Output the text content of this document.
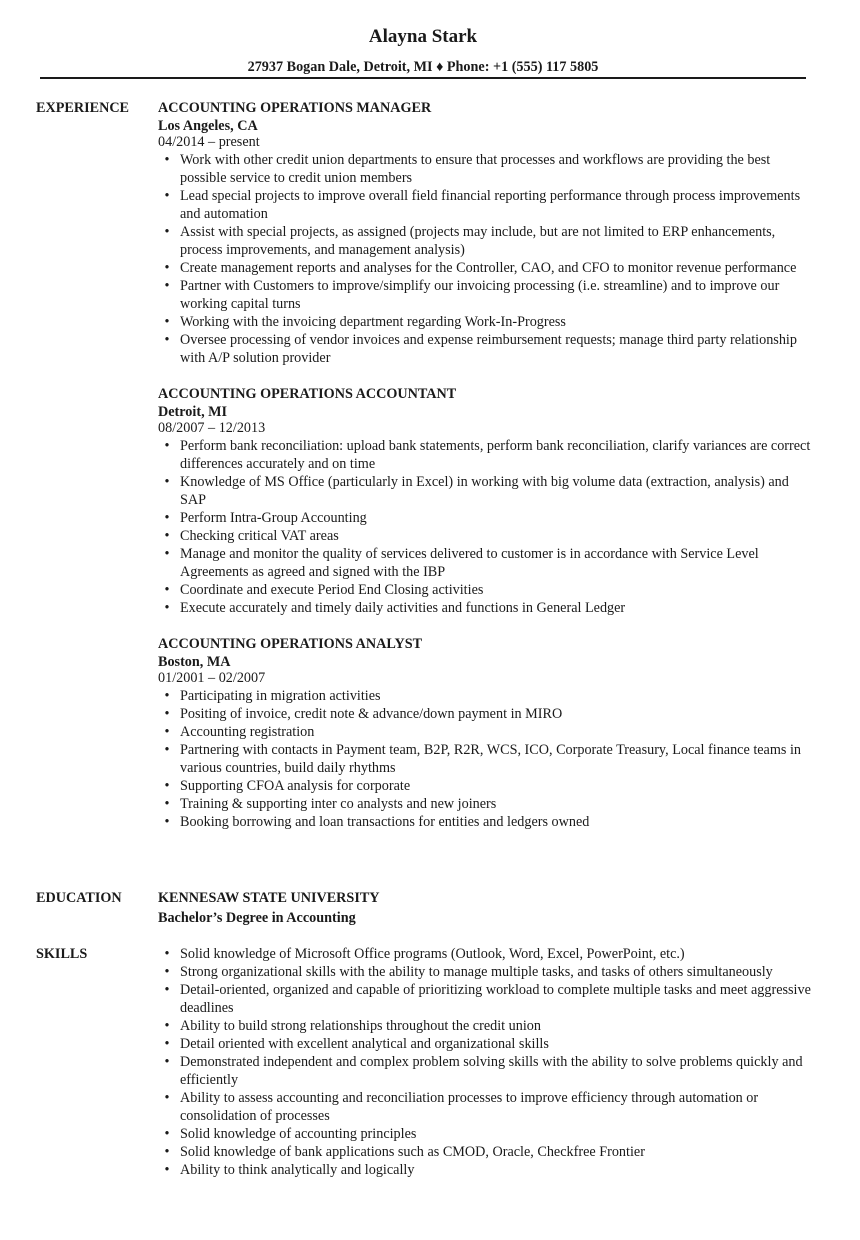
Alayna Stark
27937 Bogan Dale, Detroit, MI ♦ Phone: +1 (555) 117 5805
EXPERIENCE ACCOUNTING OPERATIONS MANAGER
Los Angeles, CA
04/2014 – present
• Work with other credit union departments to ensure that processes and workflows are providing the best possible service to credit union members
• Lead special projects to improve overall field financial reporting performance through process improvements and automation
• Assist with special projects, as assigned (projects may include, but are not limited to ERP enhancements, process improvements, and management analysis)
• Create management reports and analyses for the Controller, CAO, and CFO to monitor revenue performance
• Partner with Customers to improve/simplify our invoicing processing (i.e. streamline) and to improve our working capital turns
• Working with the invoicing department regarding Work-In-Progress
• Oversee processing of vendor invoices and expense reimbursement requests; manage third party relationship with A/P solution provider
ACCOUNTING OPERATIONS ACCOUNTANT
Detroit, MI
08/2007 – 12/2013
• Perform bank reconciliation: upload bank statements, perform bank reconciliation, clarify variances are correct differences accurately and on time
• Knowledge of MS Office (particularly in Excel) in working with big volume data (extraction, analysis) and SAP
• Perform Intra-Group Accounting
• Checking critical VAT areas
• Manage and monitor the quality of services delivered to customer is in accordance with Service Level Agreements as agreed and signed with the IBP
• Coordinate and execute Period End Closing activities
• Execute accurately and timely daily activities and functions in General Ledger
ACCOUNTING OPERATIONS ANALYST
Boston, MA
01/2001 – 02/2007
• Participating in migration activities
• Positing of invoice, credit note & advance/down payment in MIRO
• Accounting registration
• Partnering with contacts in Payment team, B2P, R2R, WCS, ICO, Corporate Treasury, Local finance teams in various countries, build daily rhythms
• Supporting CFOA analysis for corporate
• Training & supporting inter co analysts and new joiners
• Booking borrowing and loan transactions for entities and ledgers owned
EDUCATION	KENNESAW STATE UNIVERSITY
Bachelor’s Degree in Accounting
SKILLS	• Solid knowledge of Microsoft Office programs (Outlook, Word, Excel, PowerPoint, etc.)
• Strong organizational skills with the ability to manage multiple tasks, and tasks of others simultaneously
• Detail-oriented, organized and capable of prioritizing workload to complete multiple tasks and meet aggressive deadlines
• Ability to build strong relationships throughout the credit union
• Detail oriented with excellent analytical and organizational skills
• Demonstrated independent and complex problem solving skills with the ability to solve problems quickly and efficiently
• Ability to assess accounting and reconciliation processes to improve efficiency through automation or consolidation of processes
• Solid knowledge of accounting principles
• Solid knowledge of bank applications such as CMOD, Oracle, Checkfree Frontier
• Ability to think analytically and logically
